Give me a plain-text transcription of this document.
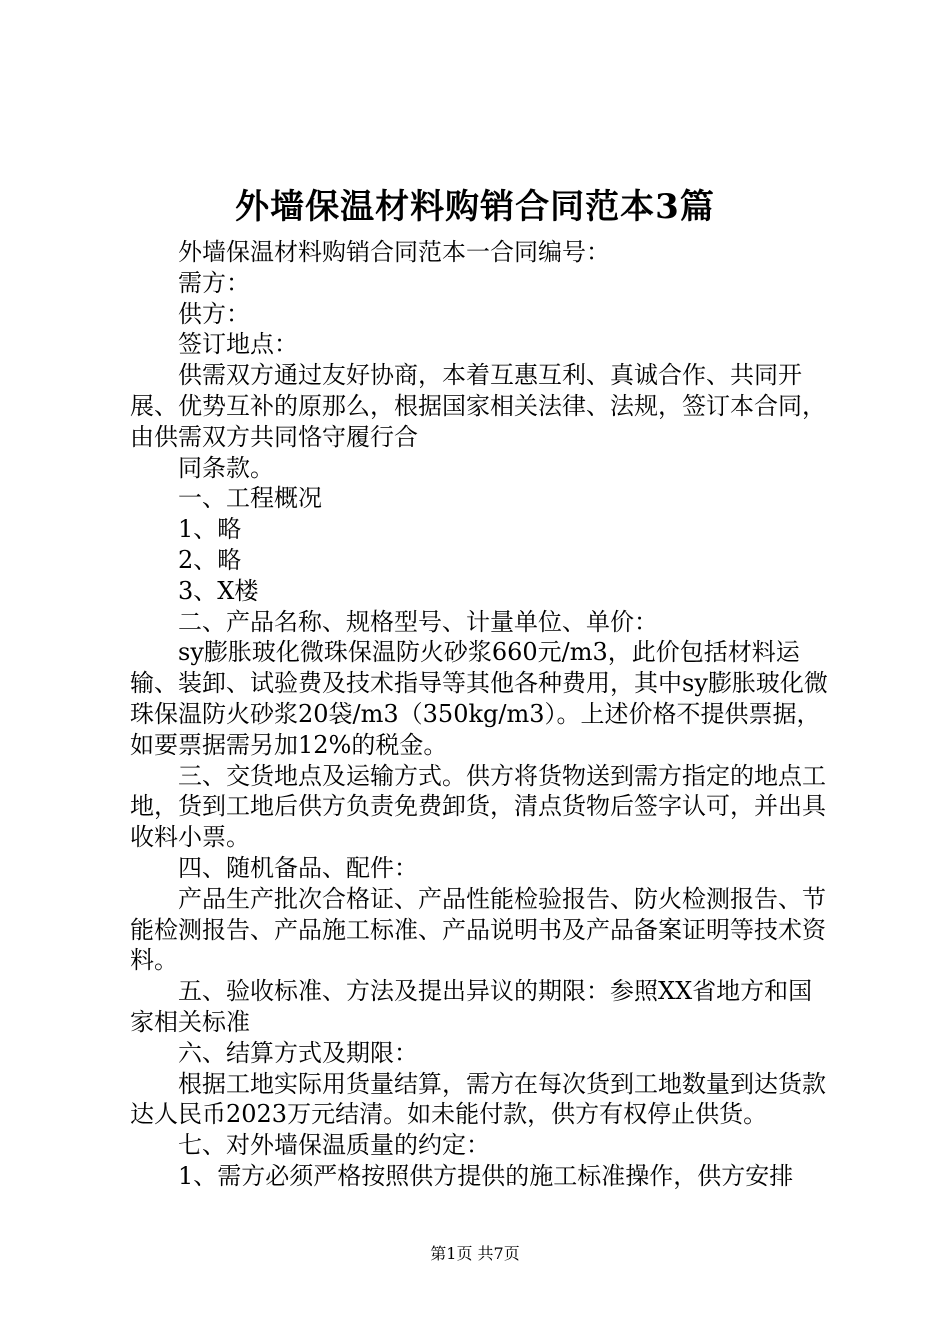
外墙保温材料购销合同范本3篇

外墙保温材料购销合同范本一合同编号：

需方：

供方：

签订地点：

供需双方通过友好协商，本着互惠互利、真诚合作、共同开展、优势互补的原那么，根据国家相关法律、法规，签订本合同，由供需双方共同恪守履行合

同条款。

一、工程概况

1、略

2、略

3、X楼

二、产品名称、规格型号、计量单位、单价：

sy膨胀玻化微珠保温防火砂浆660元/m3，此价包括材料运输、装卸、试验费及技术指导等其他各种费用，其中sy膨胀玻化微珠保温防火砂浆20袋/m3（350kg/m3）。上述价格不提供票据，如要票据需另加12%的税金。

三、交货地点及运输方式。供方将货物送到需方指定的地点工地，货到工地后供方负责免费卸货，清点货物后签字认可，并出具收料小票。

四、随机备品、配件：

产品生产批次合格证、产品性能检验报告、防火检测报告、节能检测报告、产品施工标准、产品说明书及产品备案证明等技术资料。

五、验收标准、方法及提出异议的期限：参照XX省地方和国家相关标准

六、结算方式及期限：

根据工地实际用货量结算，需方在每次货到工地数量到达货款达人民币2023万元结清。如未能付款，供方有权停止供货。

七、对外墙保温质量的约定：

1、需方必须严格按照供方提供的施工标准操作，供方安排

第1页 共7页
